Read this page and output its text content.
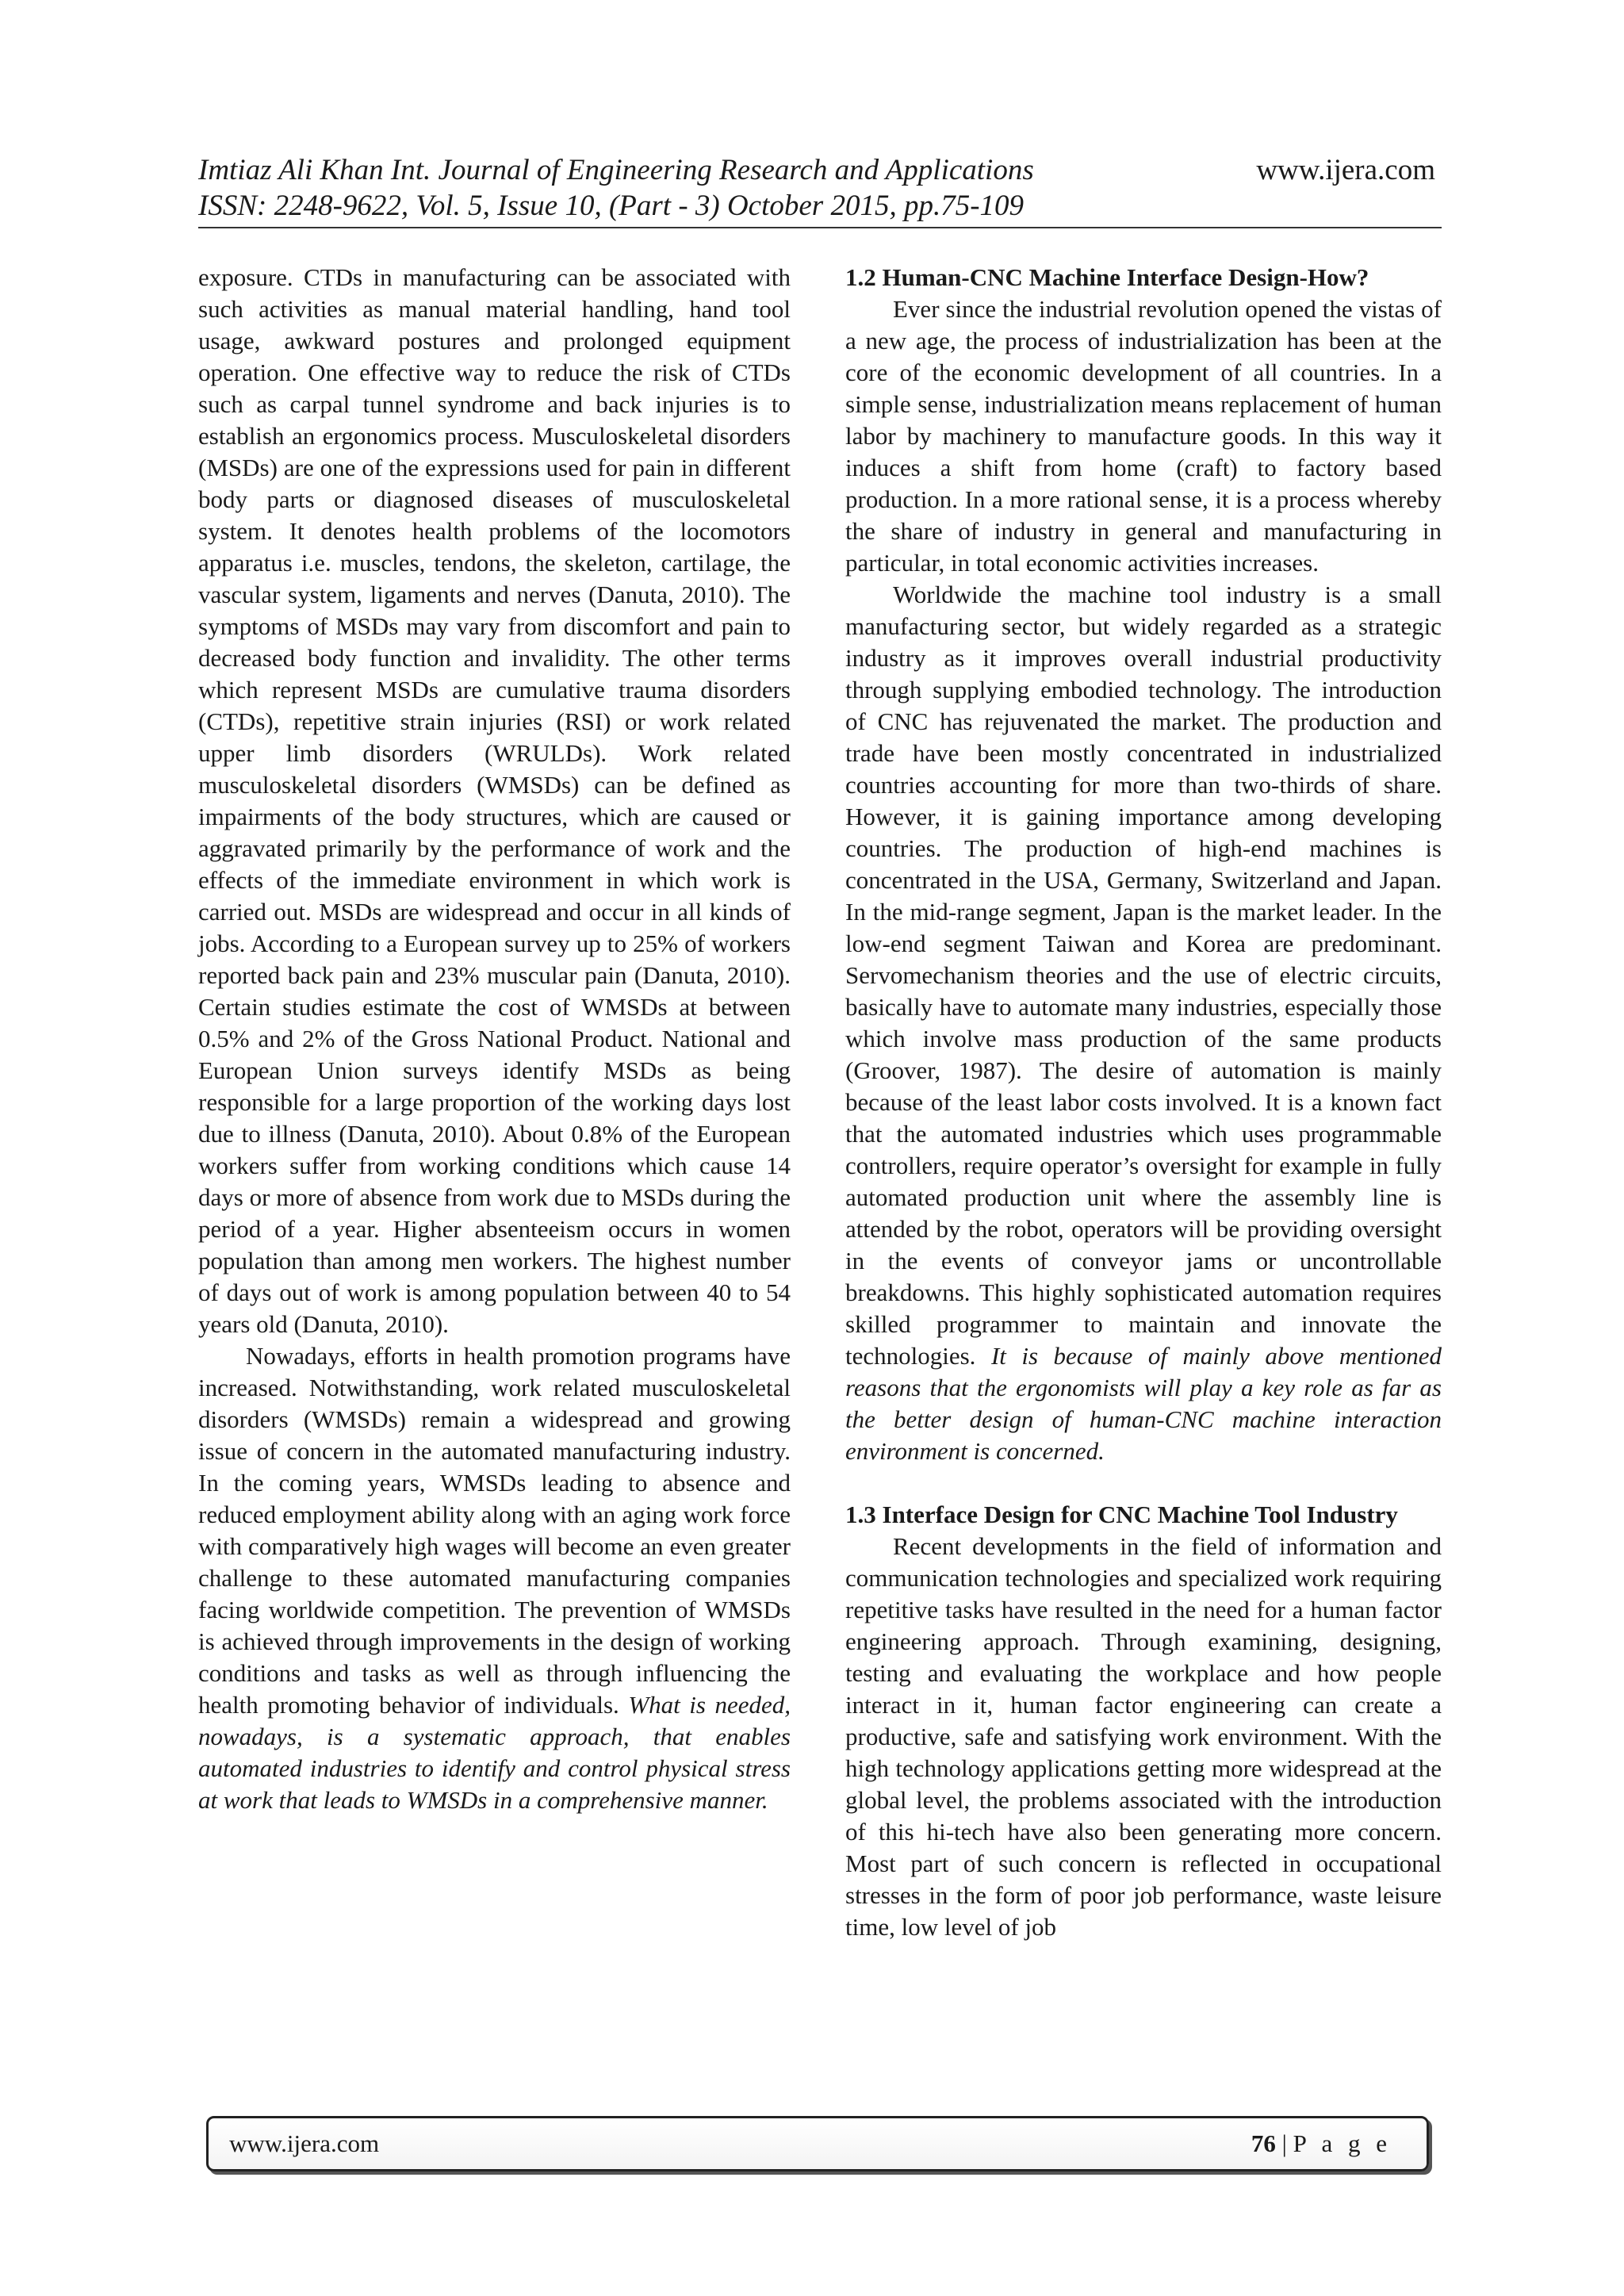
Imtiaz Ali Khan Int. Journal of Engineering Research and Applications	www.ijera.com
ISSN: 2248-9622, Vol. 5, Issue 10, (Part - 3) October 2015, pp.75-109

exposure. CTDs in manufacturing can be associated with such activities as manual material handling, hand tool usage, awkward postures and prolonged equipment operation. One effective way to reduce the risk of CTDs such as carpal tunnel syndrome and back injuries is to establish an ergonomics process. Musculoskeletal disorders (MSDs) are one of the expressions used for pain in different body parts or diagnosed diseases of musculoskeletal system. It denotes health problems of the locomotors apparatus i.e. muscles, tendons, the skeleton, cartilage, the vascular system, ligaments and nerves (Danuta, 2010). The symptoms of MSDs may vary from discomfort and pain to decreased body function and invalidity. The other terms which represent MSDs are cumulative trauma disorders (CTDs), repetitive strain injuries (RSI) or work related upper limb disorders (WRULDs). Work related musculoskeletal disorders (WMSDs) can be defined as impairments of the body structures, which are caused or aggravated primarily by the performance of work and the effects of the immediate environment in which work is carried out. MSDs are widespread and occur in all kinds of jobs. According to a European survey up to 25% of workers reported back pain and 23% muscular pain (Danuta, 2010). Certain studies estimate the cost of WMSDs at between 0.5% and 2% of the Gross National Product. National and European Union surveys identify MSDs as being responsible for a large proportion of the working days lost due to illness (Danuta, 2010). About 0.8% of the European workers suffer from working conditions which cause 14 days or more of absence from work due to MSDs during the period of a year. Higher absenteeism occurs in women population than among men workers. The highest number of days out of work is among population between 40 to 54 years old (Danuta, 2010).

Nowadays, efforts in health promotion programs have increased. Notwithstanding, work related musculoskeletal disorders (WMSDs) remain a widespread and growing issue of concern in the automated manufacturing industry. In the coming years, WMSDs leading to absence and reduced employment ability along with an aging work force with comparatively high wages will become an even greater challenge to these automated manufacturing companies facing worldwide competition. The prevention of WMSDs is achieved through improvements in the design of working conditions and tasks as well as through influencing the health promoting behavior of individuals. What is needed, nowadays, is a systematic approach, that enables automated industries to identify and control physical stress at work that leads to WMSDs in a comprehensive manner.

1.2 Human-CNC Machine Interface Design-How?

Ever since the industrial revolution opened the vistas of a new age, the process of industrialization has been at the core of the economic development of all countries. In a simple sense, industrialization means replacement of human labor by machinery to manufacture goods. In this way it induces a shift from home (craft) to factory based production. In a more rational sense, it is a process whereby the share of industry in general and manufacturing in particular, in total economic activities increases.

Worldwide the machine tool industry is a small manufacturing sector, but widely regarded as a strategic industry as it improves overall industrial productivity through supplying embodied technology. The introduction of CNC has rejuvenated the market. The production and trade have been mostly concentrated in industrialized countries accounting for more than two-thirds of share. However, it is gaining importance among developing countries. The production of high-end machines is concentrated in the USA, Germany, Switzerland and Japan. In the mid-range segment, Japan is the market leader. In the low-end segment Taiwan and Korea are predominant. Servomechanism theories and the use of electric circuits, basically have to automate many industries, especially those which involve mass production of the same products (Groover, 1987). The desire of automation is mainly because of the least labor costs involved. It is a known fact that the automated industries which uses programmable controllers, require operator’s oversight for example in fully automated production unit where the assembly line is attended by the robot, operators will be providing oversight in the events of conveyor jams or uncontrollable breakdowns. This highly sophisticated automation requires skilled programmer to maintain and innovate the technologies. It is because of mainly above mentioned reasons that the ergonomists will play a key role as far as the better design of human-CNC machine interaction environment is concerned.

1.3 Interface Design for CNC Machine Tool Industry

Recent developments in the field of information and communication technologies and specialized work requiring repetitive tasks have resulted in the need for a human factor engineering approach. Through examining, designing, testing and evaluating the workplace and how people interact in it, human factor engineering can create a productive, safe and satisfying work environment. With the high technology applications getting more widespread at the global level, the problems associated with the introduction of this hi-tech have also been generating more concern. Most part of such concern is reflected in occupational stresses in the form of poor job performance, waste leisure time, low level of job

www.ijera.com	76 | P a g e
